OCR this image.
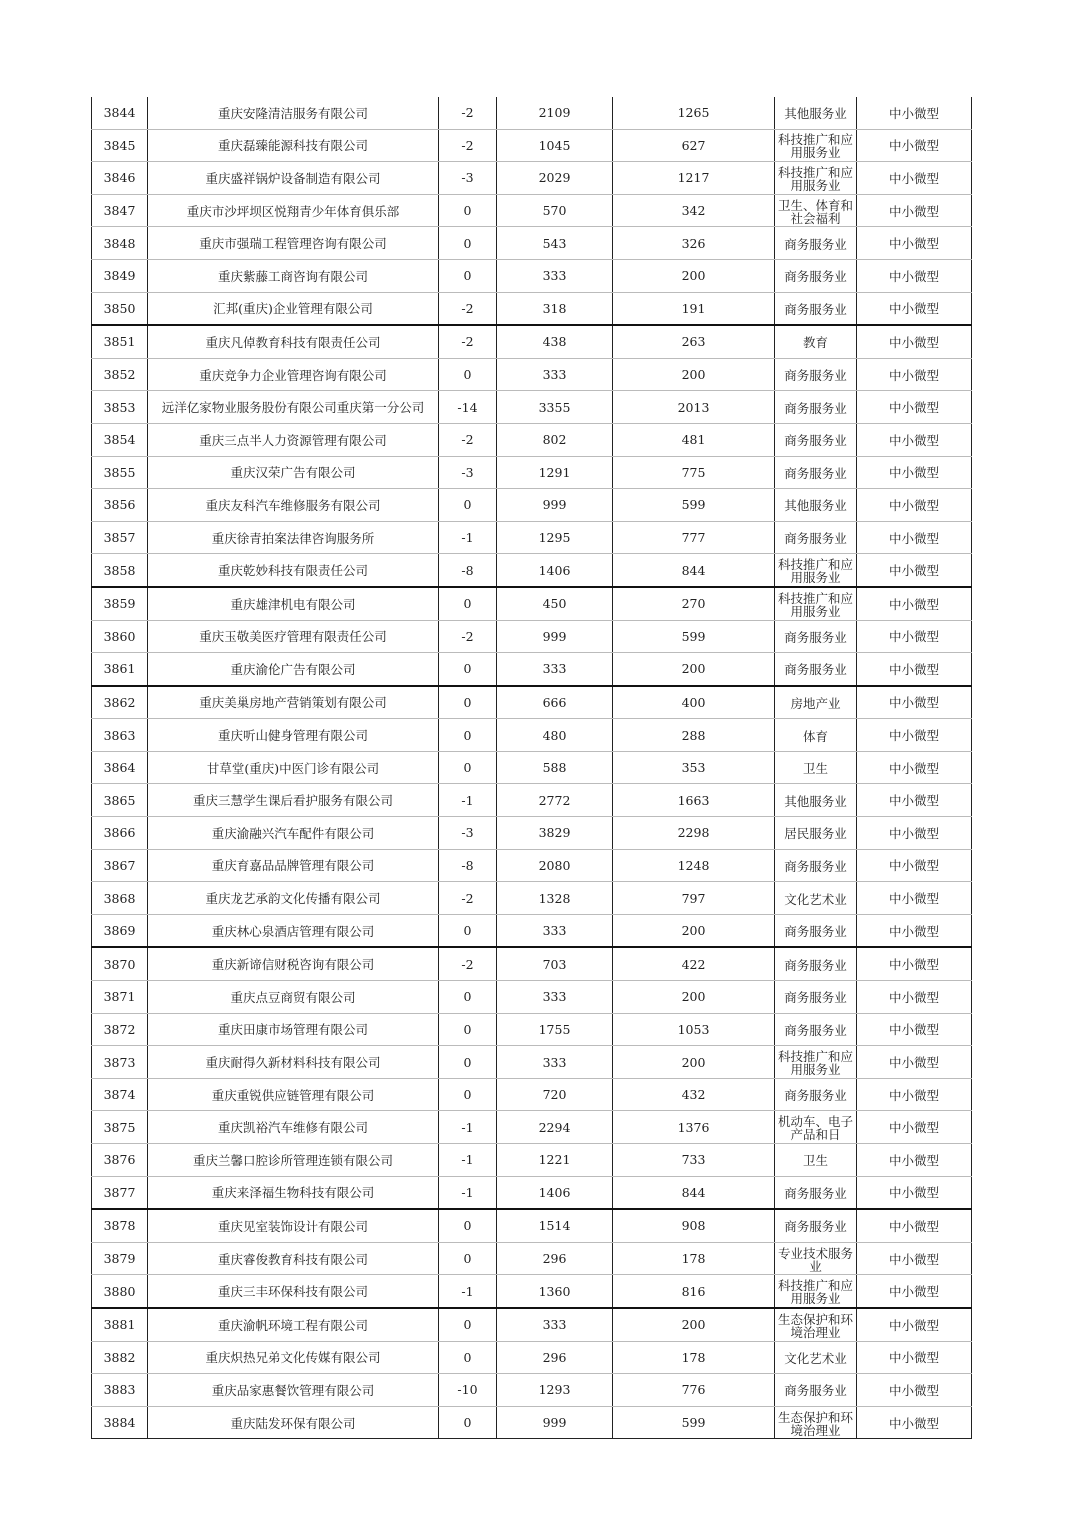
3844	重庆安隆清洁服务有限公司	-2	2109	1265	其他服务业	中小微型
3845	重庆磊臻能源科技有限公司	-2	1045	627	科技推广和应用服务业	中小微型
3846	重庆盛祥锅炉设备制造有限公司	-3	2029	1217	科技推广和应用服务业	中小微型
3847	重庆市沙坪坝区悦翔青少年体育俱乐部	0	570	342	卫生、体育和社会福利	中小微型
3848	重庆市强瑞工程管理咨询有限公司	0	543	326	商务服务业	中小微型
3849	重庆紫藤工商咨询有限公司	0	333	200	商务服务业	中小微型
3850	汇邦(重庆)企业管理有限公司	-2	318	191	商务服务业	中小微型
3851	重庆凡倬教育科技有限责任公司	-2	438	263	教育	中小微型
3852	重庆竞争力企业管理咨询有限公司	0	333	200	商务服务业	中小微型
3853	远洋亿家物业服务股份有限公司重庆第一分公司	-14	3355	2013	商务服务业	中小微型
3854	重庆三点半人力资源管理有限公司	-2	802	481	商务服务业	中小微型
3855	重庆汉荣广告有限公司	-3	1291	775	商务服务业	中小微型
3856	重庆友科汽车维修服务有限公司	0	999	599	其他服务业	中小微型
3857	重庆徐青拍案法律咨询服务所	-1	1295	777	商务服务业	中小微型
3858	重庆乾妙科技有限责任公司	-8	1406	844	科技推广和应用服务业	中小微型
3859	重庆雄津机电有限公司	0	450	270	科技推广和应用服务业	中小微型
3860	重庆玉敬美医疗管理有限责任公司	-2	999	599	商务服务业	中小微型
3861	重庆渝伦广告有限公司	0	333	200	商务服务业	中小微型
3862	重庆美巢房地产营销策划有限公司	0	666	400	房地产业	中小微型
3863	重庆听山健身管理有限公司	0	480	288	体育	中小微型
3864	甘草堂(重庆)中医门诊有限公司	0	588	353	卫生	中小微型
3865	重庆三慧学生课后看护服务有限公司	-1	2772	1663	其他服务业	中小微型
3866	重庆渝融兴汽车配件有限公司	-3	3829	2298	居民服务业	中小微型
3867	重庆育嘉品品牌管理有限公司	-8	2080	1248	商务服务业	中小微型
3868	重庆龙艺承韵文化传播有限公司	-2	1328	797	文化艺术业	中小微型
3869	重庆林心泉酒店管理有限公司	0	333	200	商务服务业	中小微型
3870	重庆新谛信财税咨询有限公司	-2	703	422	商务服务业	中小微型
3871	重庆点豆商贸有限公司	0	333	200	商务服务业	中小微型
3872	重庆田康市场管理有限公司	0	1755	1053	商务服务业	中小微型
3873	重庆耐得久新材料科技有限公司	0	333	200	科技推广和应用服务业	中小微型
3874	重庆重锐供应链管理有限公司	0	720	432	商务服务业	中小微型
3875	重庆凯裕汽车维修有限公司	-1	2294	1376	机动车、电子产品和日	中小微型
3876	重庆兰馨口腔诊所管理连锁有限公司	-1	1221	733	卫生	中小微型
3877	重庆来泽福生物科技有限公司	-1	1406	844	商务服务业	中小微型
3878	重庆见室装饰设计有限公司	0	1514	908	商务服务业	中小微型
3879	重庆睿俊教育科技有限公司	0	296	178	专业技术服务业	中小微型
3880	重庆三丰环保科技有限公司	-1	1360	816	科技推广和应用服务业	中小微型
3881	重庆渝帆环境工程有限公司	0	333	200	生态保护和环境治理业	中小微型
3882	重庆炽热兄弟文化传媒有限公司	0	296	178	文化艺术业	中小微型
3883	重庆品家惠餐饮管理有限公司	-10	1293	776	商务服务业	中小微型
3884	重庆陆发环保有限公司	0	999	599	生态保护和环境治理业	中小微型
